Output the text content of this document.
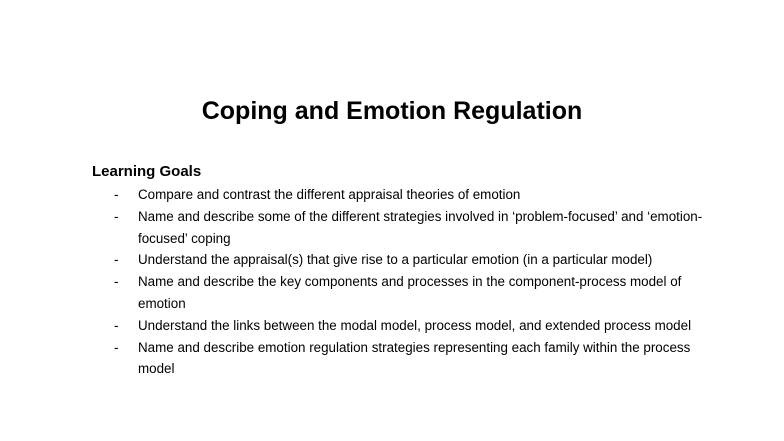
Coping and Emotion Regulation
Learning Goals
-	Compare and contrast the different appraisal theories of emotion
-	Name and describe some of the different strategies involved in ‘problem-focused’ and ‘emotion-focused’ coping
-	Understand the appraisal(s) that give rise to a particular emotion (in a particular model)
-	Name and describe the key components and processes in the component-process model of emotion
-	Understand the links between the modal model, process model, and extended process model
-	Name and describe emotion regulation strategies representing each family within the process model
